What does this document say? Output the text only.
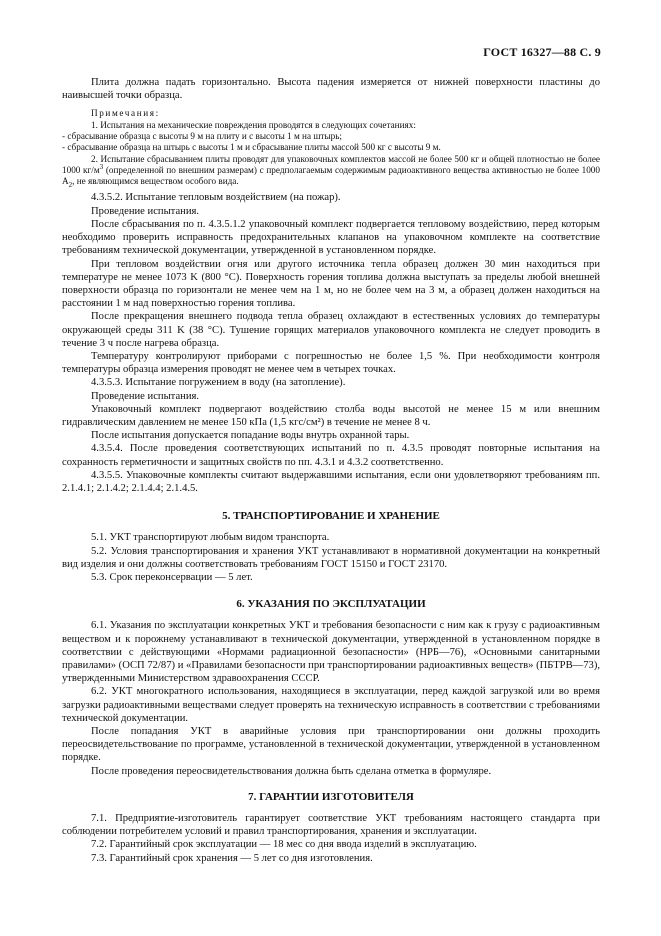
ГОСТ 16327—88 С. 9

Плита должна падать горизонтально. Высота падения измеряется от нижней поверхности пластины до наивысшей точки образца.

Примечания:

1. Испытания на механические повреждения проводятся в следующих сочетаниях:

- сбрасывание образца с высоты 9 м на плиту и с высоты 1 м на штырь;

- сбрасывание образца на штырь с высоты 1 м и сбрасывание плиты массой 500 кг с высоты 9 м.

2. Испытание сбрасыванием плиты проводят для упаковочных комплектов массой не более 500 кг и общей плотностью не более 1000 $кг/м^3$ (определенной по внешним размерам) с предполагаемым содержимым радиоактивного вещества активностью не более 1000 $A_2$, не являющимся веществом особого вида.

4.3.5.2. Испытание тепловым воздействием (на пожар).

Проведение испытания.

После сбрасывания по п. 4.3.5.1.2 упаковочный комплект подвергается тепловому воздействию, перед которым необходимо проверить исправность предохранительных клапанов на упаковочном комплекте на соответствие требованиям технической документации, утвержденной в установленном порядке.

При тепловом воздействии огня или другого источника тепла образец должен 30 мин находиться при температуре не менее 1073 K (800 °C). Поверхность горения топлива должна выступать за пределы любой внешней поверхности образца по горизонтали не менее чем на 1 м, но не более чем на 3 м, а образец должен находиться на расстоянии 1 м над поверхностью горения топлива.

После прекращения внешнего подвода тепла образец охлаждают в естественных условиях до температуры окружающей среды 311 K (38 °C). Тушение горящих материалов упаковочного комплекта не следует проводить в течение 3 ч после нагрева образца.

Температуру контролируют приборами с погрешностью не более 1,5 %. При необходимости контроля температуры образца измерения проводят не менее чем в четырех точках.

4.3.5.3. Испытание погружением в воду (на затопление).

Проведение испытания.

Упаковочный комплект подвергают воздействию столба воды высотой не менее 15 м или внешним гидравлическим давлением не менее 150 кПа (1,5 кгс/см²) в течение не менее 8 ч.

После испытания допускается попадание воды внутрь охранной тары.

4.3.5.4. После проведения соответствующих испытаний по п. 4.3.5 проводят повторные испытания на сохранность герметичности и защитных свойств по пп. 4.3.1 и 4.3.2 соответственно.

4.3.5.5. Упаковочные комплекты считают выдержавшими испытания, если они удовлетворяют требованиям пп. 2.1.4.1; 2.1.4.2; 2.1.4.4; 2.1.4.5.

5. ТРАНСПОРТИРОВАНИЕ И ХРАНЕНИЕ

5.1. УКТ транспортируют любым видом транспорта.

5.2. Условия транспортирования и хранения УКТ устанавливают в нормативной документации на конкретный вид изделия и они должны соответствовать требованиям ГОСТ 15150 и ГОСТ 23170.

5.3. Срок переконсервации — 5 лет.

6. УКАЗАНИЯ ПО ЭКСПЛУАТАЦИИ

6.1. Указания по эксплуатации конкретных УКТ и требования безопасности с ним как к грузу с радиоактивным веществом и к порожнему устанавливают в технической документации, утвержденной в установленном порядке в соответствии с действующими «Нормами радиационной безопасности» (НРБ—76), «Основными санитарными правилами» (ОСП 72/87) и «Правилами безопасности при транспортировании радиоактивных веществ» (ПБТРВ—73), утвержденными Министерством здравоохранения СССР.

6.2. УКТ многократного использования, находящиеся в эксплуатации, перед каждой загрузкой или во время загрузки радиоактивными веществами следует проверять на техническую исправность в соответствии с требованиями технической документации.

После попадания УКТ в аварийные условия при транспортировании они должны проходить переосвидетельствование по программе, установленной в технической документации, утвержденной в установленном порядке.

После проведения переосвидетельствования должна быть сделана отметка в формуляре.

7. ГАРАНТИИ ИЗГОТОВИТЕЛЯ

7.1. Предприятие-изготовитель гарантирует соответствие УКТ требованиям настоящего стандарта при соблюдении потребителем условий и правил транспортирования, хранения и эксплуатации.

7.2. Гарантийный срок эксплуатации — 18 мес со дня ввода изделий в эксплуатацию.

7.3. Гарантийный срок хранения — 5 лет со дня изготовления.
